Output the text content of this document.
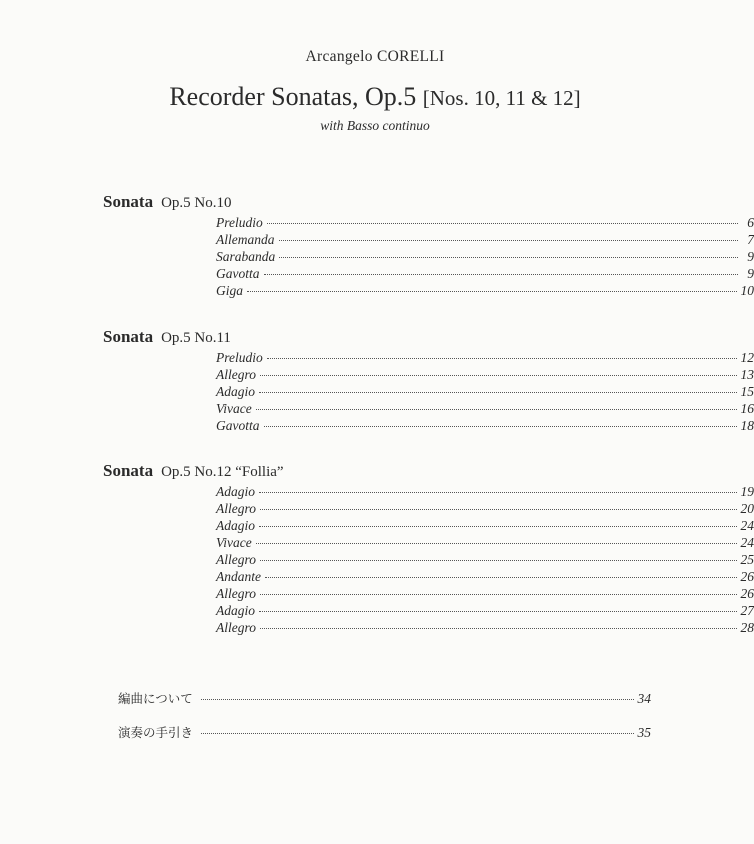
Arcangelo CORELLI
Recorder Sonatas, Op.5 [Nos. 10, 11 & 12]
with Basso continuo
Sonata Op.5 No.10
Preludio	6
Allemanda	7
Sarabanda	9
Gavotta	9
Giga	10
Sonata Op.5 No.11
Preludio	12
Allegro	13
Adagio	15
Vivace	16
Gavotta	18
Sonata Op.5 No.12 “Follia”
Adagio	19
Allegro	20
Adagio	24
Vivace	24
Allegro	25
Andante	26
Allegro	26
Adagio	27
Allegro	28
編曲について	34
演奏の手引き	35
